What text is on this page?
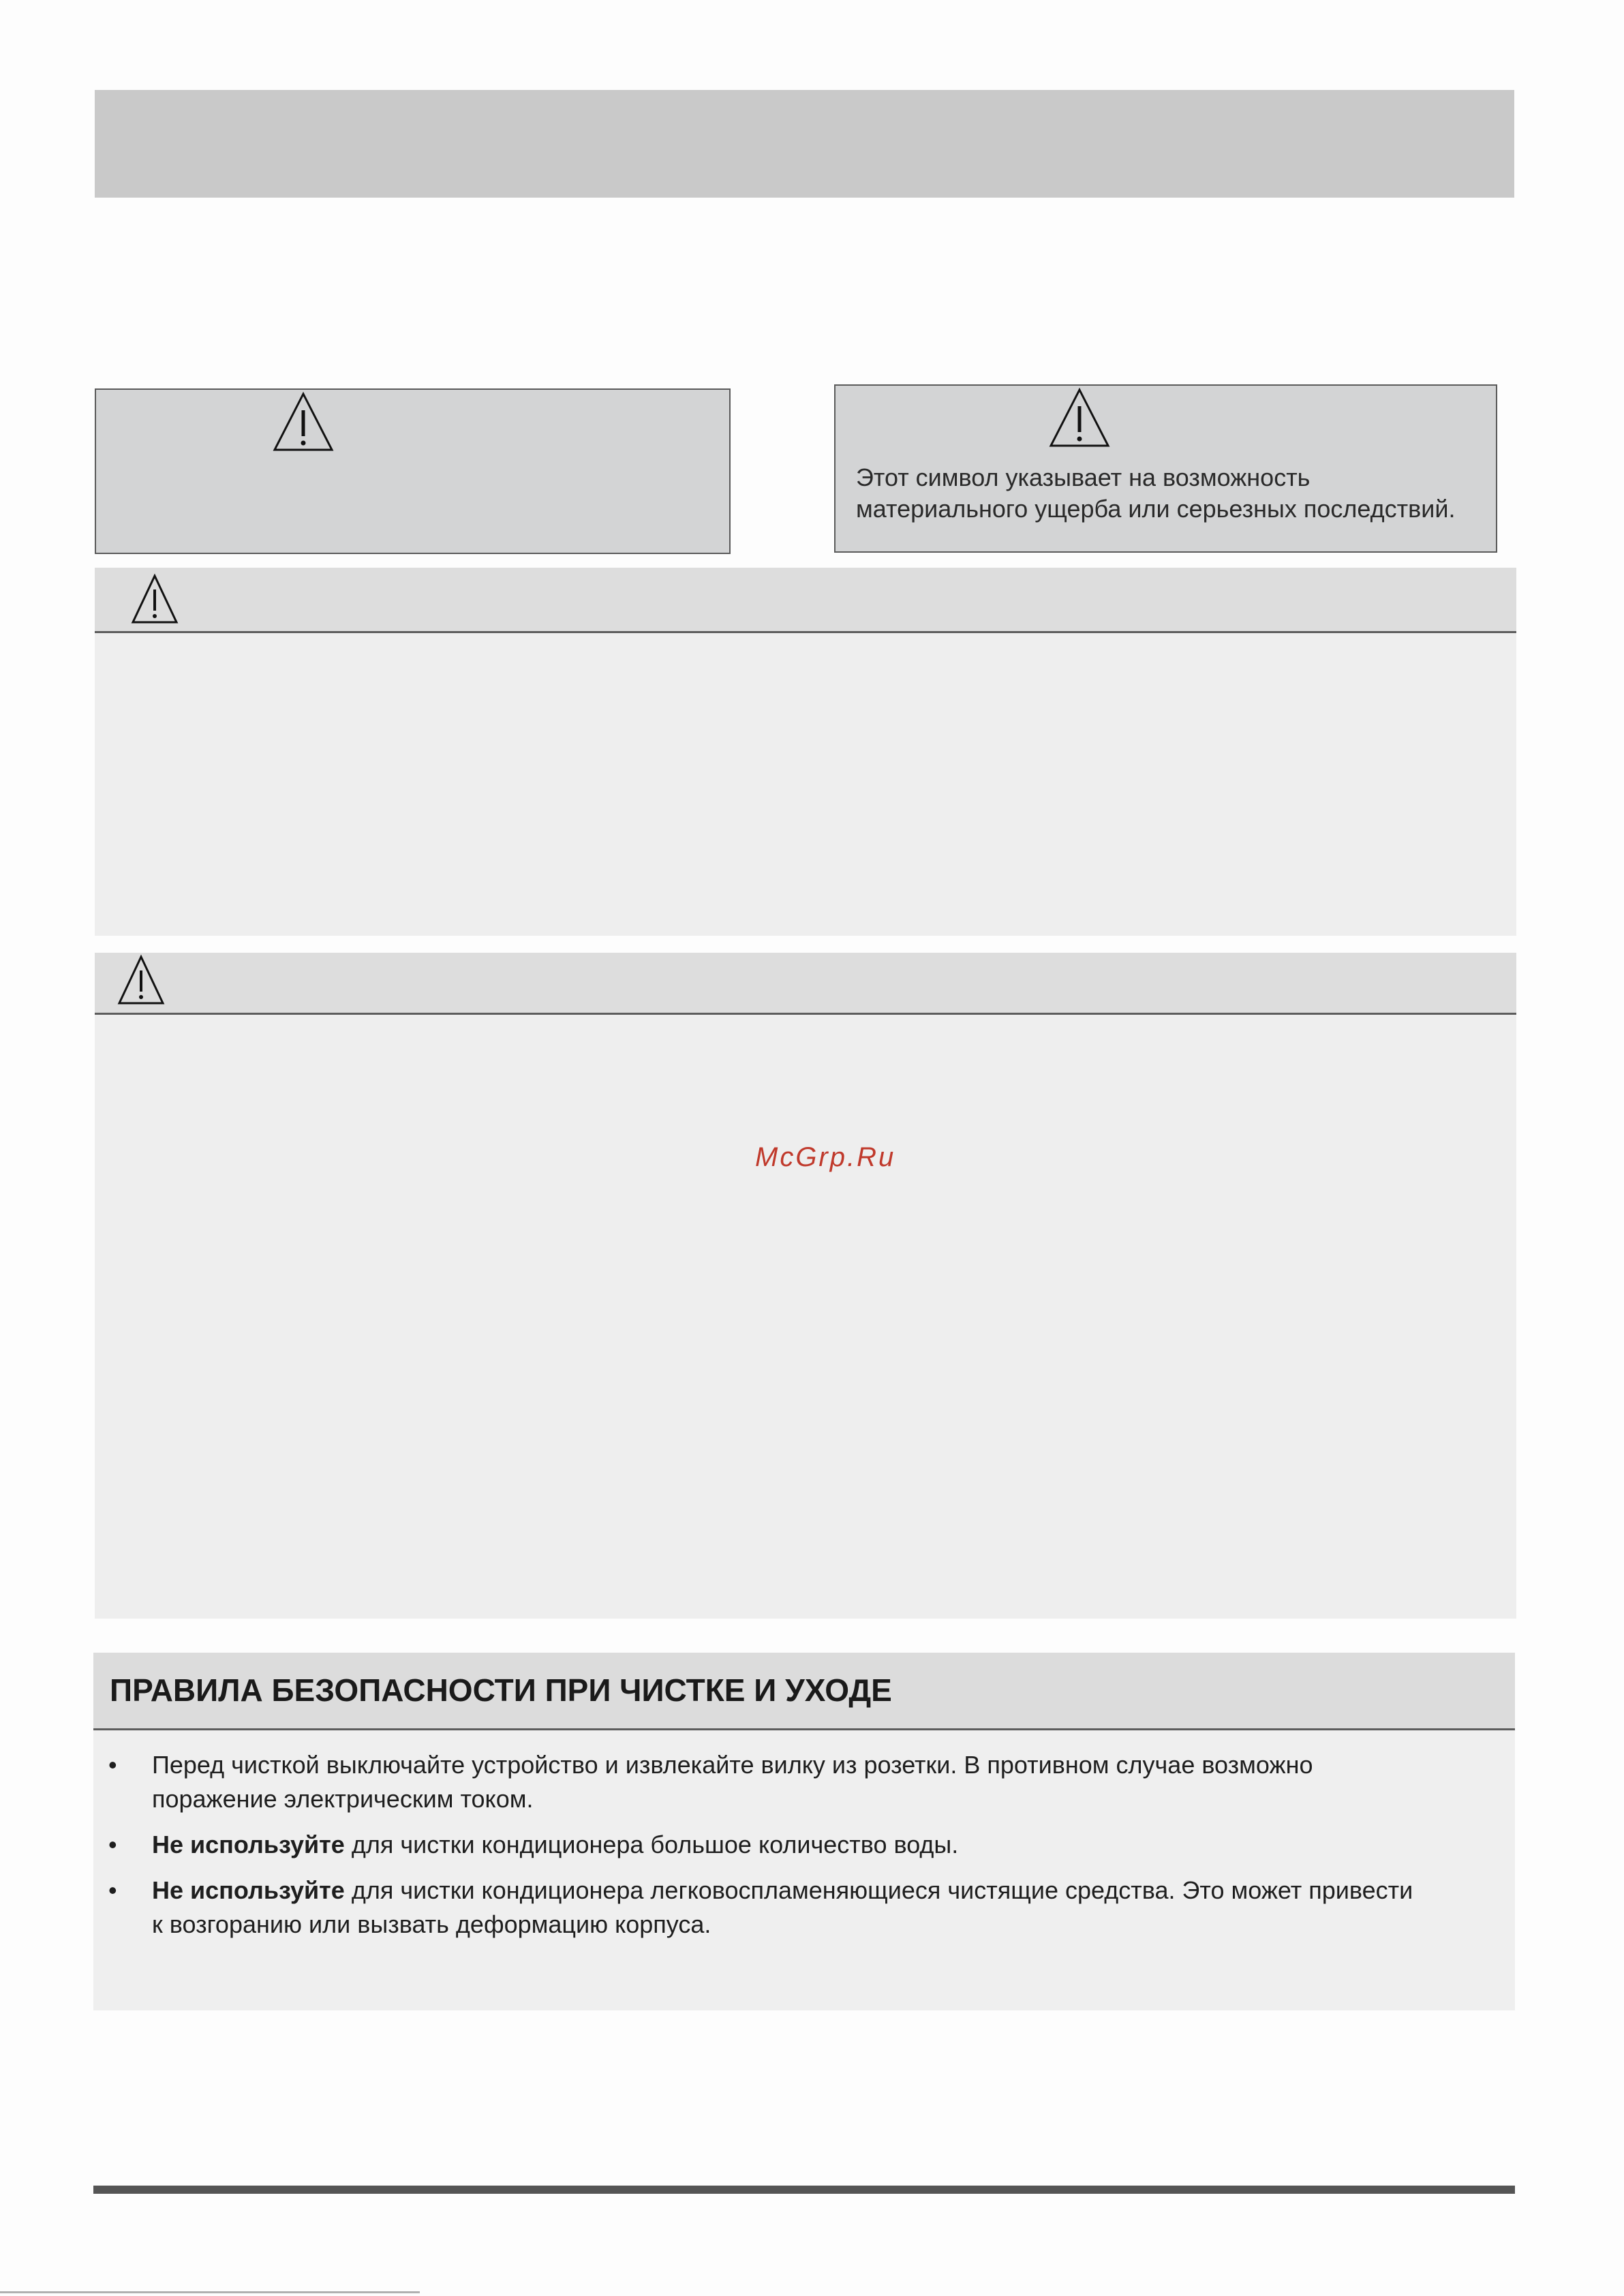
Этот символ указывает на возможность
материального ущерба или серьезных последствий.
McGrp.Ru
ПРАВИЛА БЕЗОПАСНОСТИ ПРИ ЧИСТКЕ И УХОДЕ
• Перед чисткой выключайте устройство и извлекайте вилку из розетки. В противном случае возможно
поражение электрическим током.
• Не используйте для чистки кондиционера большое количество воды.
• Не используйте для чистки кондиционера легковоспламеняющиеся чистящие средства. Это может привести
к возгоранию или вызвать деформацию корпуса.
